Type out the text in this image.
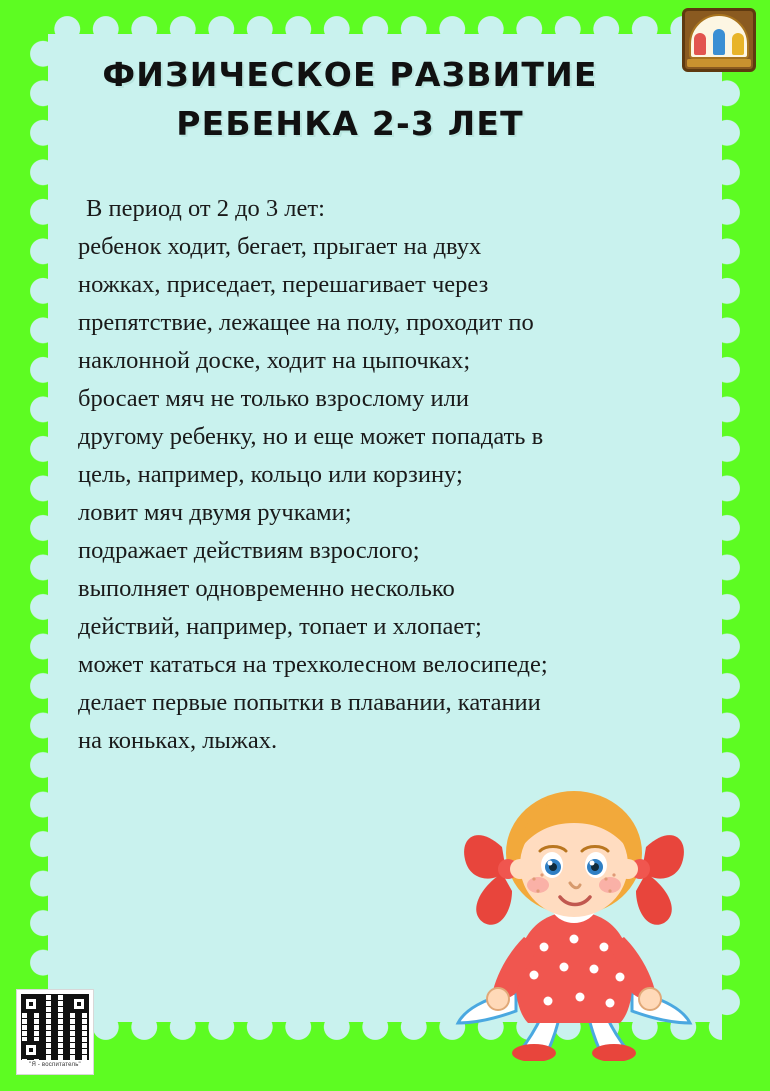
ФИЗИЧЕСКОЕ РАЗВИТИЕ
РЕБЕНКА 2-3 ЛЕТ
В период от 2 до 3 лет:
ребенок ходит, бегает, прыгает на двух
ножках, приседает, перешагивает через
препятствие, лежащее на полу, проходит по
наклонной доске, ходит на цыпочках;
бросает мяч не только взрослому или
другому ребенку, но и еще может попадать в
цель, например, кольцо или корзину;
ловит мяч двумя ручками;
подражает действиям взрослого;
выполняет одновременно несколько
действий, например, топает и хлопает;
может кататься на трехколесном велосипеде;
делает первые попытки в плавании, катании
на коньках, лыжах.
"Я - воспитатель"
